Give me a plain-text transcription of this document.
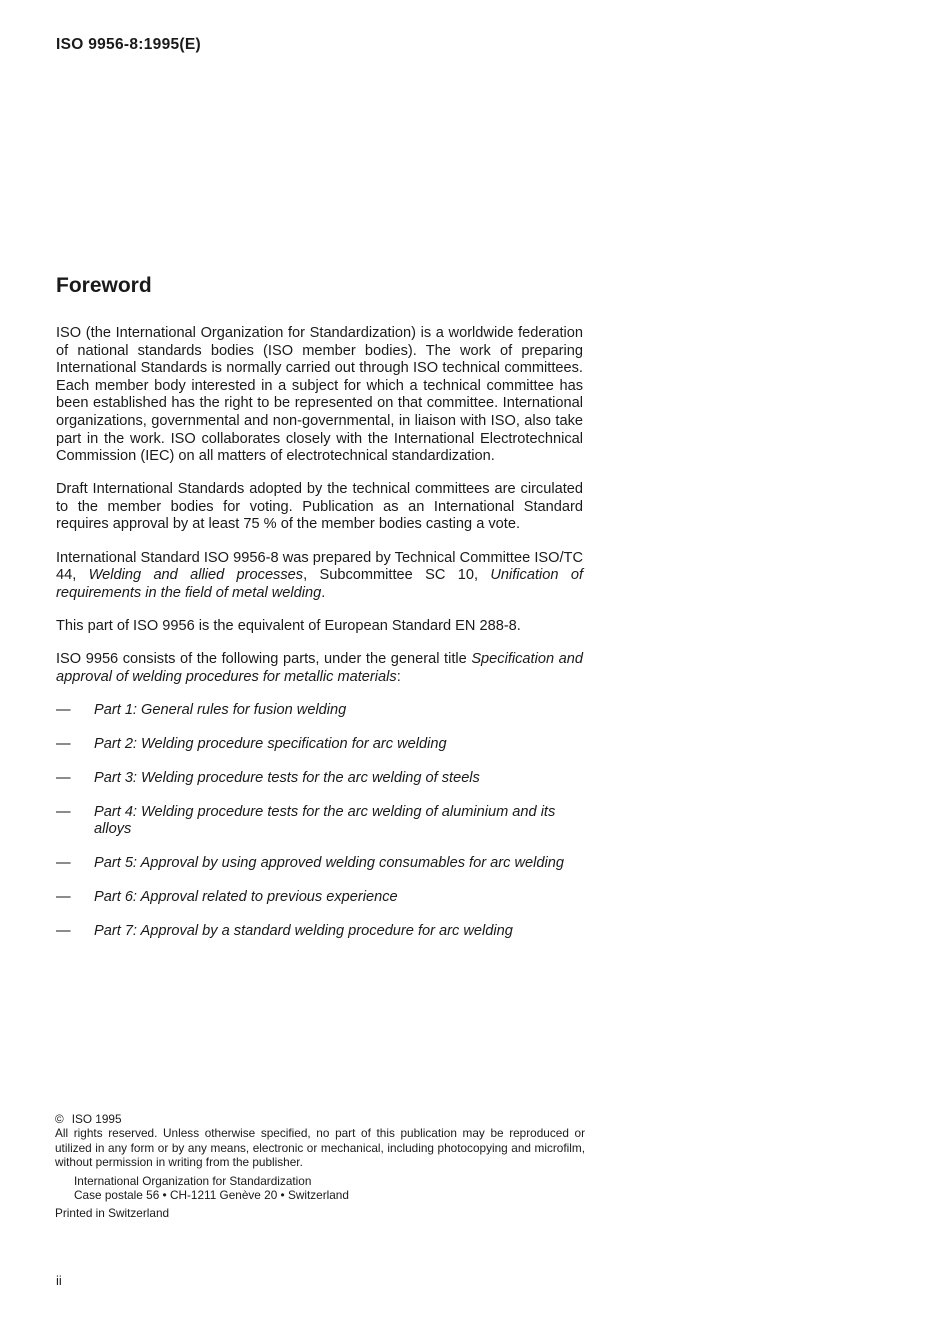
ISO 9956-8:1995(E)
Foreword

ISO (the International Organization for Standardization) is a worldwide federation of national standards bodies (ISO member bodies). The work of preparing International Standards is normally carried out through ISO technical committees. Each member body interested in a subject for which a technical committee has been established has the right to be represented on that committee. International organizations, governmental and non-governmental, in liaison with ISO, also take part in the work. ISO collaborates closely with the International Electrotechnical Commission (IEC) on all matters of electrotechnical standardization.

Draft International Standards adopted by the technical committees are circulated to the member bodies for voting. Publication as an International Standard requires approval by at least 75 % of the member bodies casting a vote.

International Standard ISO 9956-8 was prepared by Technical Committee ISO/TC 44, Welding and allied processes, Subcommittee SC 10, Unification of requirements in the field of metal welding.

This part of ISO 9956 is the equivalent of European Standard EN 288-8.

ISO 9956 consists of the following parts, under the general title Specification and approval of welding procedures for metallic materials:

— Part 1: General rules for fusion welding
— Part 2: Welding procedure specification for arc welding
— Part 3: Welding procedure tests for the arc welding of steels
— Part 4: Welding procedure tests for the arc welding of aluminium and its alloys
— Part 5: Approval by using approved welding consumables for arc welding
— Part 6: Approval related to previous experience
— Part 7: Approval by a standard welding procedure for arc welding
© ISO 1995
All rights reserved. Unless otherwise specified, no part of this publication may be reproduced or utilized in any form or by any means, electronic or mechanical, including photocopying and microfilm, without permission in writing from the publisher.
International Organization for Standardization
Case postale 56 • CH-1211 Genève 20 • Switzerland
Printed in Switzerland
ii
